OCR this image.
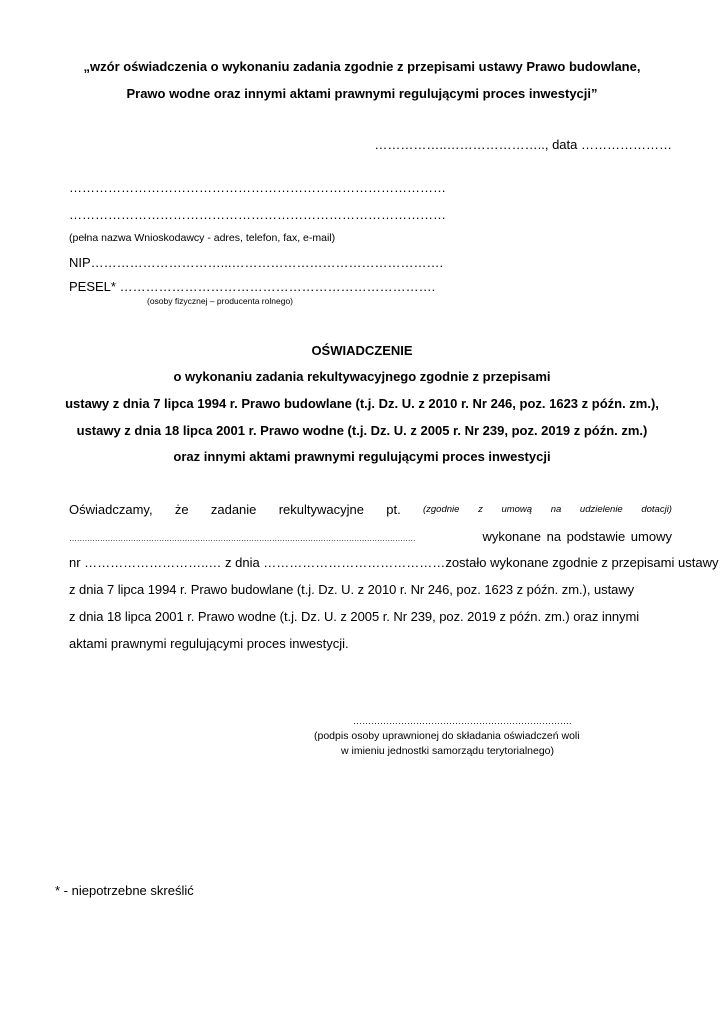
„wzór oświadczenia o wykonaniu zadania zgodnie z przepisami ustawy Prawo budowlane,
Prawo wodne oraz innymi aktami prawnymi regulującymi proces inwestycji”
……………..………………….., data …………………
……………………………………………………………………………
……………………………………………………………………………
(pełna nazwa Wnioskodawcy - adres, telefon, fax, e-mail)
NIP…………………………...………………………………………….
PESEL* ……………………………………………………………….
(osoby fizycznej – producenta rolnego)
OŚWIADCZENIE
o wykonaniu zadania rekultywacyjnego zgodnie z przepisami
ustawy z dnia 7 lipca 1994 r. Prawo budowlane (t.j. Dz. U. z 2010 r. Nr 246, poz. 1623 z późn. zm.),
ustawy z dnia 18 lipca 2001 r. Prawo wodne (t.j. Dz. U. z 2005 r. Nr 239, poz. 2019 z późn. zm.)
oraz innymi aktami prawnymi regulującymi proces inwestycji
Oświadczamy, że zadanie rekultywacyjne pt. (zgodnie z umową na udzielenie dotacji)
………………………………………………………………………………………………………………………	wykonane na podstawie umowy
nr ………………………..… z dnia …………………………………… zostało wykonane zgodnie z przepisami ustawy
z dnia 7 lipca 1994 r. Prawo budowlane (t.j. Dz. U. z 2010 r. Nr 246, poz. 1623 z późn. zm.), ustawy
z dnia 18 lipca 2001 r. Prawo wodne (t.j. Dz. U. z 2005 r. Nr 239, poz. 2019 z późn. zm.) oraz innymi
aktami prawnymi regulującymi proces inwestycji.
……………………………………………………………….
(podpis osoby uprawnionej do składania oświadczeń woli
w imieniu jednostki samorządu terytorialnego)
* - niepotrzebne skreślić
